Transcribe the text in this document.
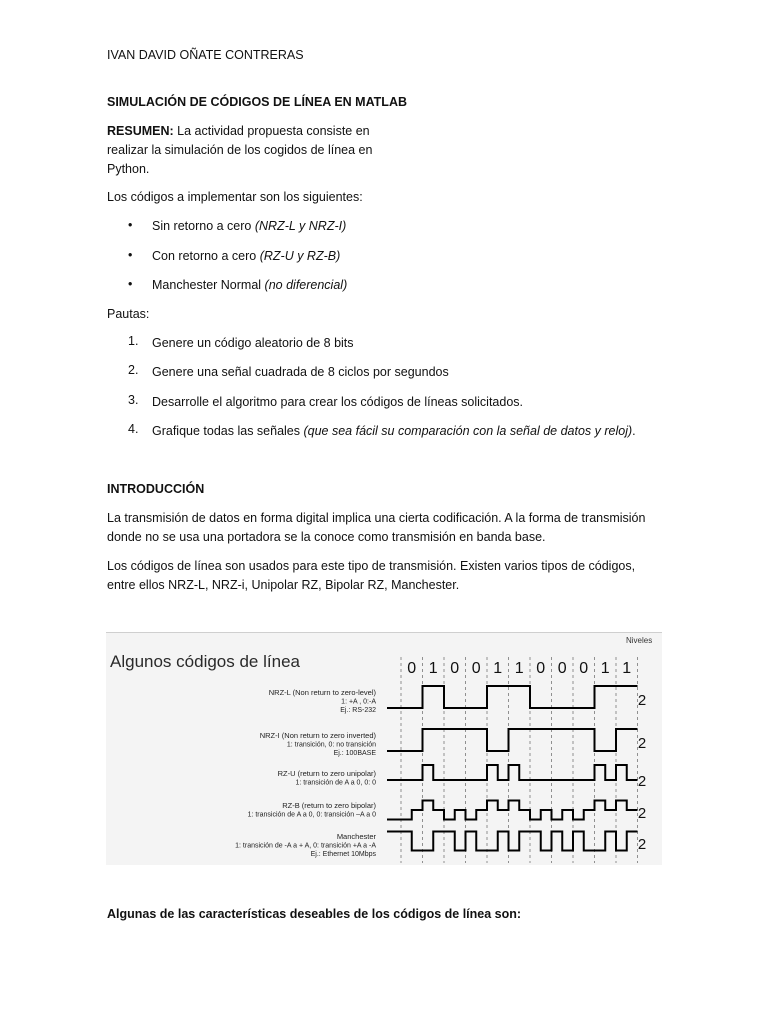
IVAN DAVID OÑATE CONTRERAS
SIMULACIÓN DE CÓDIGOS DE LÍNEA EN MATLAB
RESUMEN: La actividad propuesta consiste en
realizar la simulación de los cogidos de línea en
Python.
Los códigos a implementar son los siguientes:
• Sin retorno a cero (NRZ-L y NRZ-I)
• Con retorno a cero (RZ-U y RZ-B)
• Manchester Normal (no diferencial)
Pautas:
1. Genere un código aleatorio de 8 bits
2. Genere una señal cuadrada de 8 ciclos por segundos
3. Desarrolle el algoritmo para crear los códigos de líneas solicitados.
4. Grafique todas las señales (que sea fácil su comparación con la señal de datos y reloj).
INTRODUCCIÓN
La transmisión de datos en forma digital implica una cierta codificación. A la forma de transmisión
donde no se usa una portadora se la conoce como transmisión en banda base.
Los códigos de línea son usados para este tipo de transmisión. Existen varios tipos de códigos,
entre ellos NRZ-L, NRZ-i, Unipolar RZ, Bipolar RZ, Manchester.
Algunos códigos de línea
Niveles
0 1 0 0 1 1 0 0 0 1 1
NRZ-L (Non return to zero-level)
1: +A , 0:-A
Ej.: RS-232
NRZ-I (Non return to zero inverted)
1: transición, 0: no transición
Ej.: 100BASE
RZ-U (return to zero unipolar)
1: transición de A a 0, 0: 0
RZ-B (return to zero bipolar)
1: transición de A a 0, 0: transición –A a 0
Manchester
1: transición de -A a + A, 0: transición +A a -A
Ej.: Ethernet 10Mbps
2
2
2
2
2
Algunas de las características deseables de los códigos de línea son:
